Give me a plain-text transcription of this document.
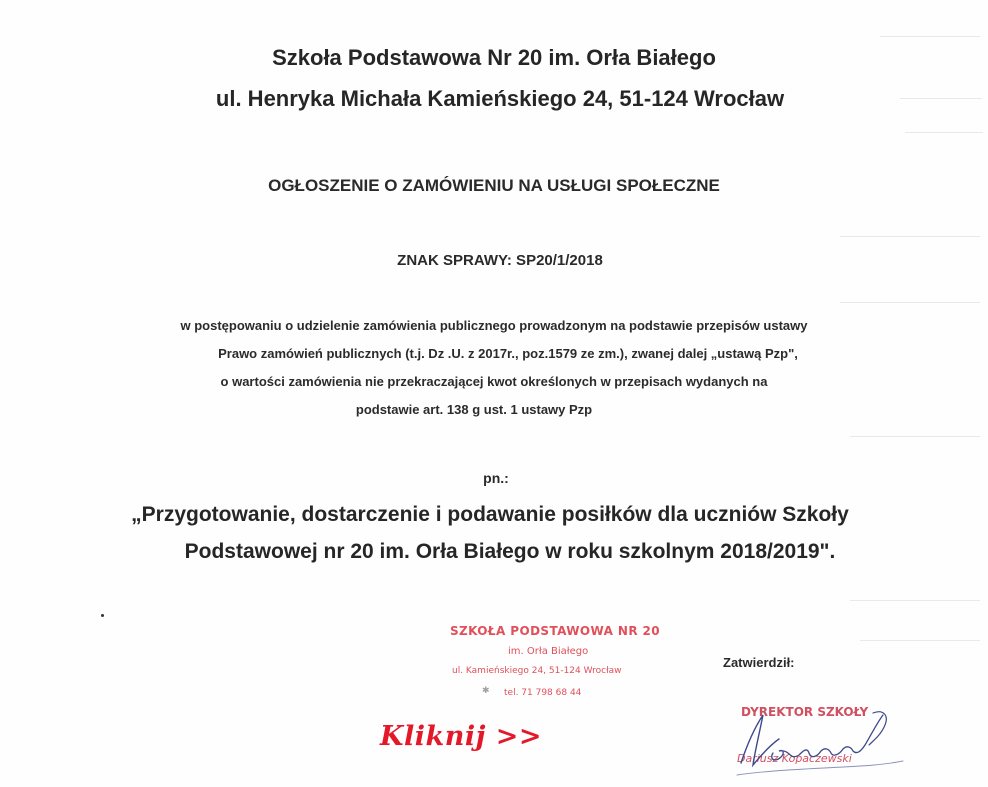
Szkoła Podstawowa Nr 20 im. Orła Białego
ul. Henryka Michała Kamieńskiego 24, 51-124 Wrocław
OGŁOSZENIE O ZAMÓWIENIU NA USŁUGI SPOŁECZNE
ZNAK SPRAWY: SP20/1/2018
w postępowaniu o udzielenie zamówienia publicznego prowadzonym na podstawie przepisów ustawy
Prawo zamówień publicznych (t.j. Dz .U. z 2017r., poz.1579 ze zm.), zwanej dalej „ustawą Pzp",
o wartości zamówienia nie przekraczającej kwot określonych w przepisach wydanych na
podstawie art. 138 g ust. 1 ustawy Pzp
pn.:
„Przygotowanie, dostarczenie i podawanie posiłków dla uczniów Szkoły
Podstawowej nr 20 im. Orła Białego w roku szkolnym 2018/2019".
SZKOŁA PODSTAWOWA NR 20
im. Orła Białego
ul. Kamieńskiego 24, 51-124 Wrocław
✱ tel. 71 798 68 44
Zatwierdził:
DYREKTOR SZKOŁY
Dariusz Kopaczewski
Kliknij >>
